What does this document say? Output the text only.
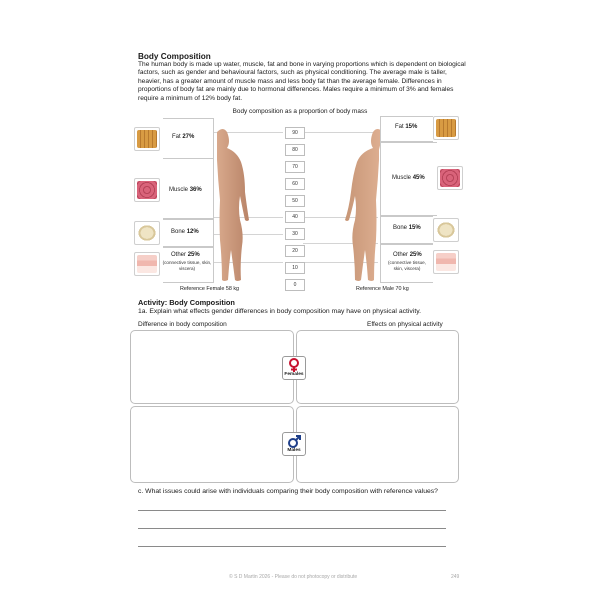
Body Composition
The human body is made up water, muscle, fat and bone in varying proportions which is dependent on biological factors, such as gender and behavioural factors, such as physical conditioning. The average male is taller, heavier, has a greater amount of muscle mass and less body fat than the average female. Differences in proportions of body fat are mainly due to hormonal differences. Males require a minimum of 3% and females require a minimum of 12% body fat.
Body composition as a proportion of body mass
90
80
70
60
50
40
30
20
10
0
Fat 27%
Muscle 36%
Bone 12%
Other 25%
(connective tissue, skin, viscera)
Reference Female 58 kg
Fat 15%
Muscle 45%
Bone 15%
Other 25%
(connective tissue, skin, viscera)
Reference Male 70 kg
Activity: Body Composition
1a. Explain what effects gender differences in body composition may have on physical activity.
Difference in body composition	Effects on physical activity
Females
Males
c. What issues could arise with individuals comparing their body composition with reference values?
© S D Martin 2026 - Please do not photocopy or distribute	249
